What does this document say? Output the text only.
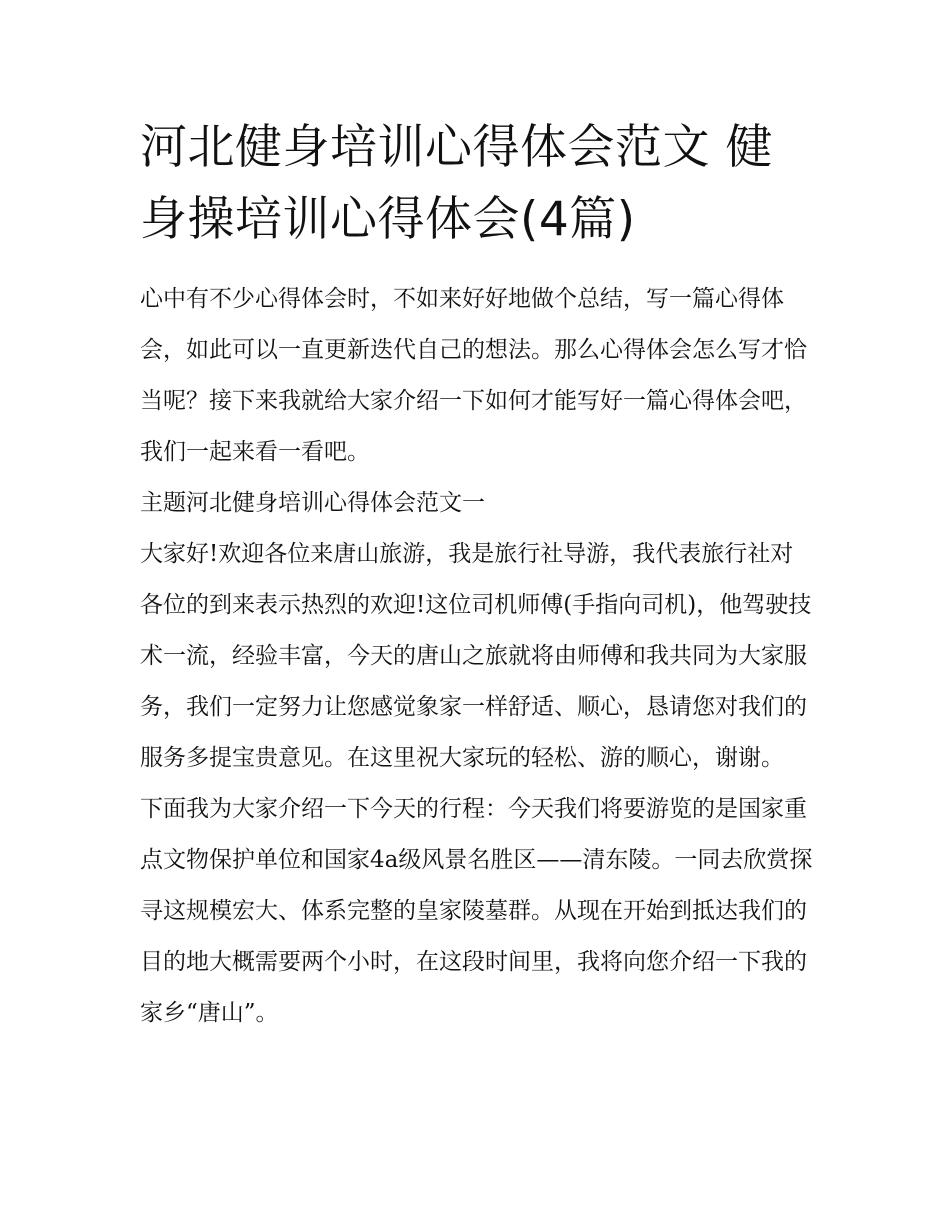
河北健身培训心得体会范文 健身操培训心得体会(4篇)

心中有不少心得体会时，不如来好好地做个总结，写一篇心得体会，如此可以一直更新迭代自己的想法。那么心得体会怎么写才恰当呢？接下来我就给大家介绍一下如何才能写好一篇心得体会吧，我们一起来看一看吧。

主题河北健身培训心得体会范文一

大家好!欢迎各位来唐山旅游，我是旅行社导游，我代表旅行社对各位的到来表示热烈的欢迎!这位司机师傅(手指向司机)，他驾驶技术一流，经验丰富，今天的唐山之旅就将由师傅和我共同为大家服务，我们一定努力让您感觉象家一样舒适、顺心，恳请您对我们的服务多提宝贵意见。在这里祝大家玩的轻松、游的顺心，谢谢。

下面我为大家介绍一下今天的行程：今天我们将要游览的是国家重点文物保护单位和国家4a级风景名胜区——清东陵。一同去欣赏探寻这规模宏大、体系完整的皇家陵墓群。从现在开始到抵达我们的目的地大概需要两个小时，在这段时间里，我将向您介绍一下我的家乡“唐山”。
